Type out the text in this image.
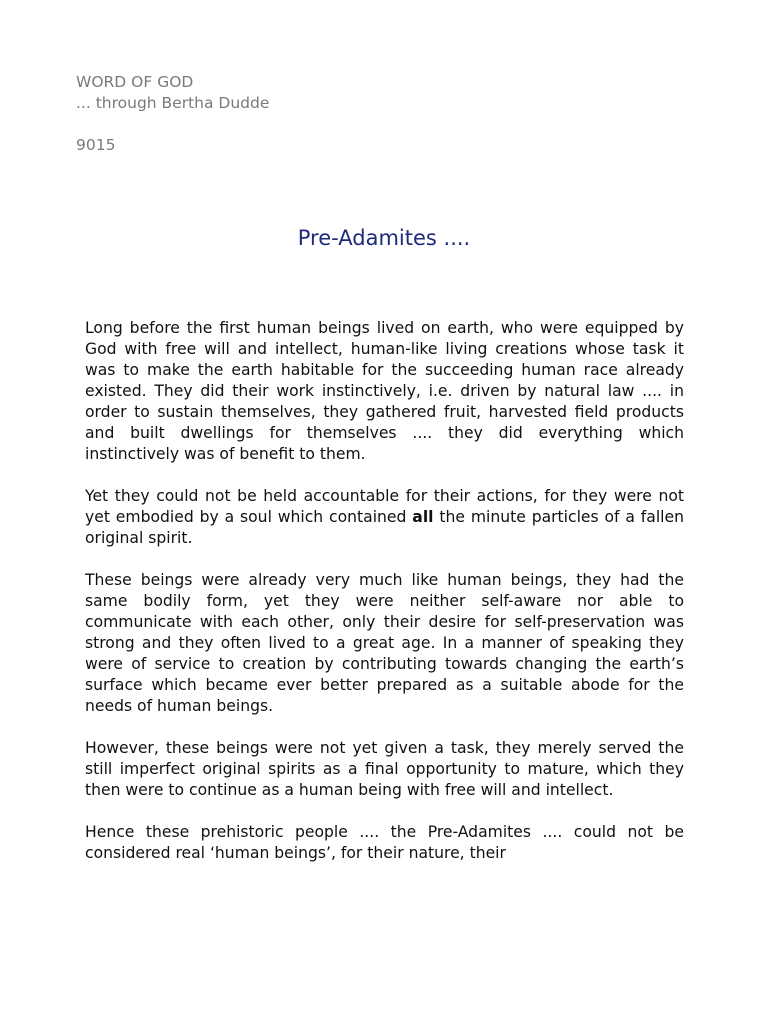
WORD OF GOD
... through Bertha Dudde
9015
Pre-Adamites ....

Long before the first human beings lived on earth, who were equipped by God with free will and intellect, human-like living creations whose task it was to make the earth habitable for the succeeding human race already existed. They did their work instinctively, i.e. driven by natural law .... in order to sustain themselves, they gathered fruit, harvested field products and built dwellings for themselves .... they did everything which instinctively was of benefit to them.

Yet they could not be held accountable for their actions, for they were not yet embodied by a soul which contained all the minute particles of a fallen original spirit.

These beings were already very much like human beings, they had the same bodily form, yet they were neither self-aware nor able to communicate with each other, only their desire for self-preservation was strong and they often lived to a great age. In a manner of speaking they were of service to creation by contributing towards changing the earth’s surface which became ever better prepared as a suitable abode for the needs of human beings.

However, these beings were not yet given a task, they merely served the still imperfect original spirits as a final opportunity to mature, which they then were to continue as a human being with free will and intellect.

Hence these prehistoric people .... the Pre-Adamites .... could not be considered real ‘human beings’, for their nature, their
